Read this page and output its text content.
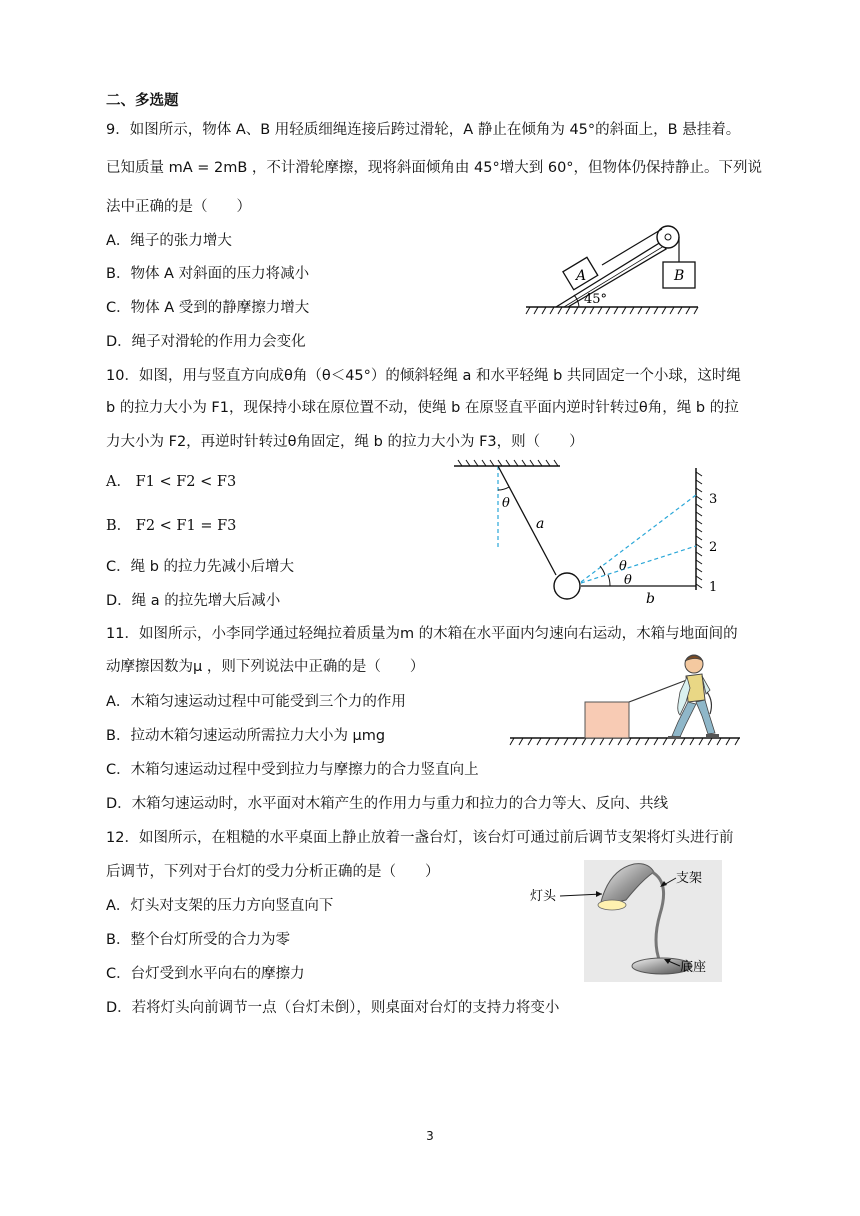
二、多选题
9．如图所示，物体 A、B 用轻质细绳连接后跨过滑轮，A 静止在倾角为 45°的斜面上，B 悬挂着。
已知质量 mA = 2mB ，不计滑轮摩擦，现将斜面倾角由 45°增大到 60°，但物体仍保持静止。下列说
法中正确的是（　　）
A．绳子的张力增大
B．物体 A 对斜面的压力将减小
C．物体 A 受到的静摩擦力增大
D．绳子对滑轮的作用力会变化
A	B
45°
10．如图，用与竖直方向成θ角（θ＜45°）的倾斜轻绳 a 和水平轻绳 b 共同固定一个小球，这时绳
b 的拉力大小为 F1，现保持小球在原位置不动，使绳 b 在原竖直平面内逆时针转过θ角，绳 b 的拉
力大小为 F2，再逆时针转过θ角固定，绳 b 的拉力大小为 F3，则（　　）
A． F1 < F2 < F3
B． F2 < F1 = F3
C．绳 b 的拉力先减小后增大
D．绳 a 的拉先增大后减小
θ
a
θ
θ
b
1
2
3
11．如图所示，小李同学通过轻绳拉着质量为m 的木箱在水平面内匀速向右运动，木箱与地面间的
动摩擦因数为μ ，则下列说法中正确的是（　　）
A．木箱匀速运动过程中可能受到三个力的作用
B．拉动木箱匀速运动所需拉力大小为 μmg
C．木箱匀速运动过程中受到拉力与摩擦力的合力竖直向上
D．木箱匀速运动时，水平面对木箱产生的作用力与重力和拉力的合力等大、反向、共线
12．如图所示，在粗糙的水平桌面上静止放着一盏台灯，该台灯可通过前后调节支架将灯头进行前
后调节，下列对于台灯的受力分析正确的是（　　）
A．灯头对支架的压力方向竖直向下
B．整个台灯所受的合力为零
C．台灯受到水平向右的摩擦力
D．若将灯头向前调节一点（台灯未倒），则桌面对台灯的支持力将变小
灯头
支架
底座
3
